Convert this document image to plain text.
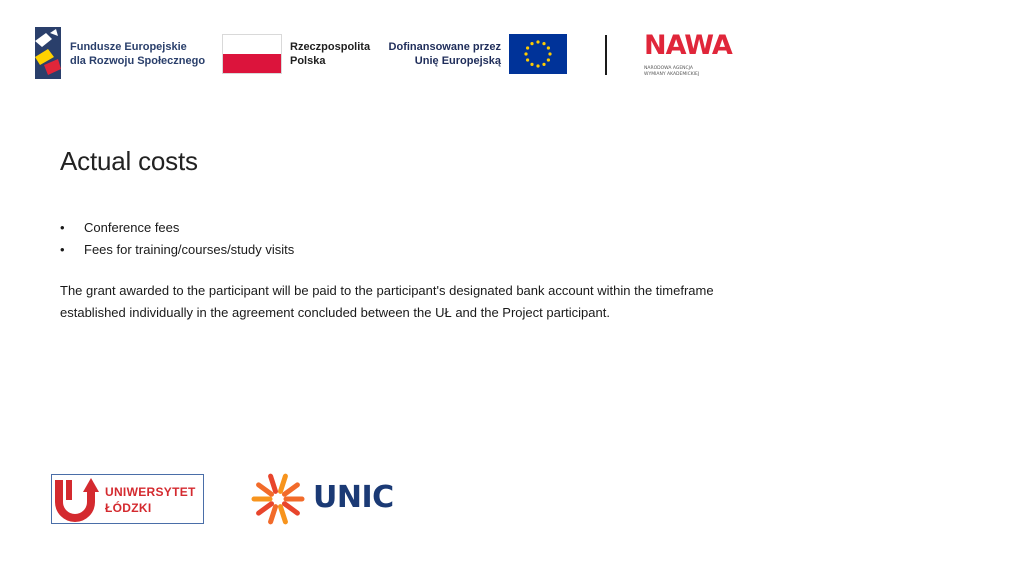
Fundusze Europejskie
dla Rozwoju Społecznego
Rzeczpospolita
Polska
Dofinansowane przez
Unię Europejską	NAWA
NARODOWA AGENCJA
WYMIANY AKADEMICKIEJ
Actual costs
• Conference fees
• Fees for training/courses/study visits

The grant awarded to the participant will be paid to the participant's designated bank account within the timeframe established individually in the agreement concluded between the UŁ and the Project participant.

UNIWERSYTET
ŁÓDZKI	UNIC
